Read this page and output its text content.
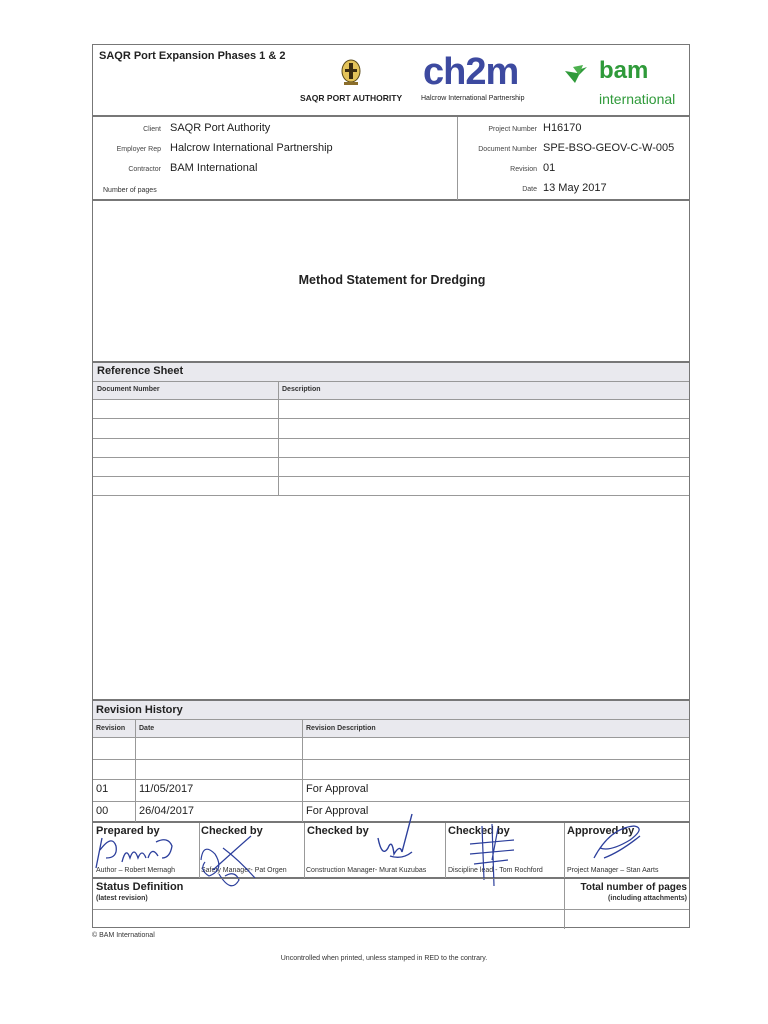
SAQR Port Expansion Phases 1 & 2
SAQR PORT AUTHORITY
ch2m
Halcrow International Partnership
bam
international
Client SAQR Port Authority
Employer Rep Halcrow International Partnership
Contractor BAM International
Number of pages
Project Number H16170
Document Number SPE-BSO-GEOV-C-W-005
Revision 01
Date 13 May 2017
Method Statement for Dredging
Reference Sheet
Document Number	Description
Revision History
Revision Date	Revision Description
01	11/05/2017	For Approval
00	26/04/2017	For Approval
Prepared by	Checked by	Checked by	Checked by	Approved by
Author – Robert Mernagh	Safety Manager- Pat Orgen	Construction Manager- Murat Kuzubas	Discipline lead - Tom Rochford	Project Manager – Stan Aarts
Status Definition
(latest revision)
Total number of pages
(including attachments)
© BAM International
Uncontrolled when printed, unless stamped in RED to the contrary.
